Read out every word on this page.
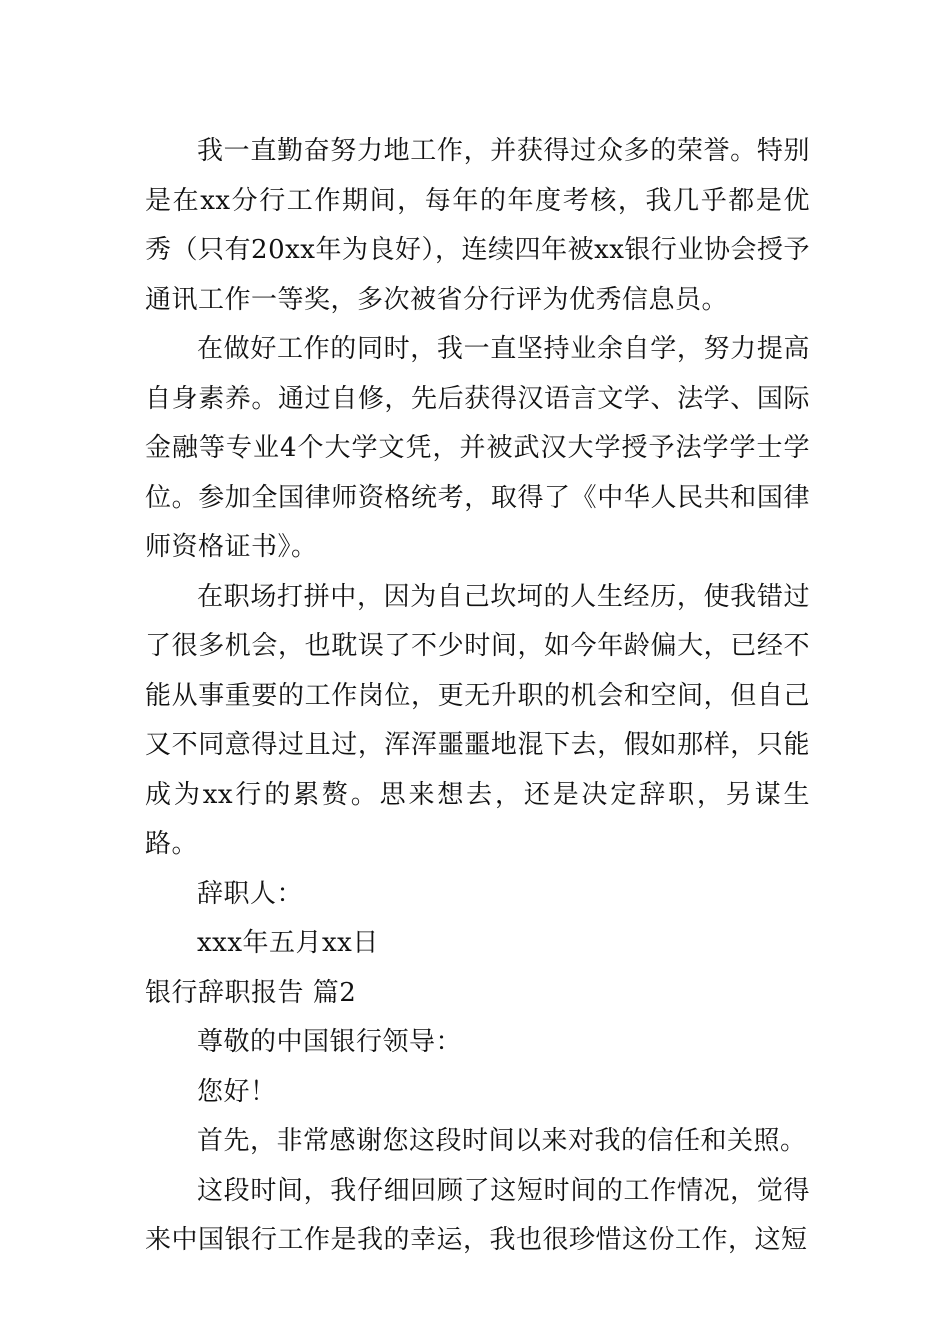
我一直勤奋努力地工作，并获得过众多的荣誉。特别是在xx分行工作期间，每年的年度考核，我几乎都是优秀（只有20xx年为良好），连续四年被xx银行业协会授予通讯工作一等奖，多次被省分行评为优秀信息员。

在做好工作的同时，我一直坚持业余自学，努力提高自身素养。通过自修，先后获得汉语言文学、法学、国际金融等专业4个大学文凭，并被武汉大学授予法学学士学位。参加全国律师资格统考，取得了《中华人民共和国律师资格证书》。

在职场打拼中，因为自己坎坷的人生经历，使我错过了很多机会，也耽误了不少时间，如今年龄偏大，已经不能从事重要的工作岗位，更无升职的机会和空间，但自己又不同意得过且过，浑浑噩噩地混下去，假如那样，只能成为xx行的累赘。思来想去，还是决定辞职，另谋生路。

辞职人：

xxx年五月xx日

银行辞职报告 篇2

尊敬的中国银行领导：

您好！

首先，非常感谢您这段时间以来对我的信任和关照。

这段时间，我仔细回顾了这短时间的工作情况，觉得来中国银行工作是我的幸运，我也很珍惜这份工作，这短
